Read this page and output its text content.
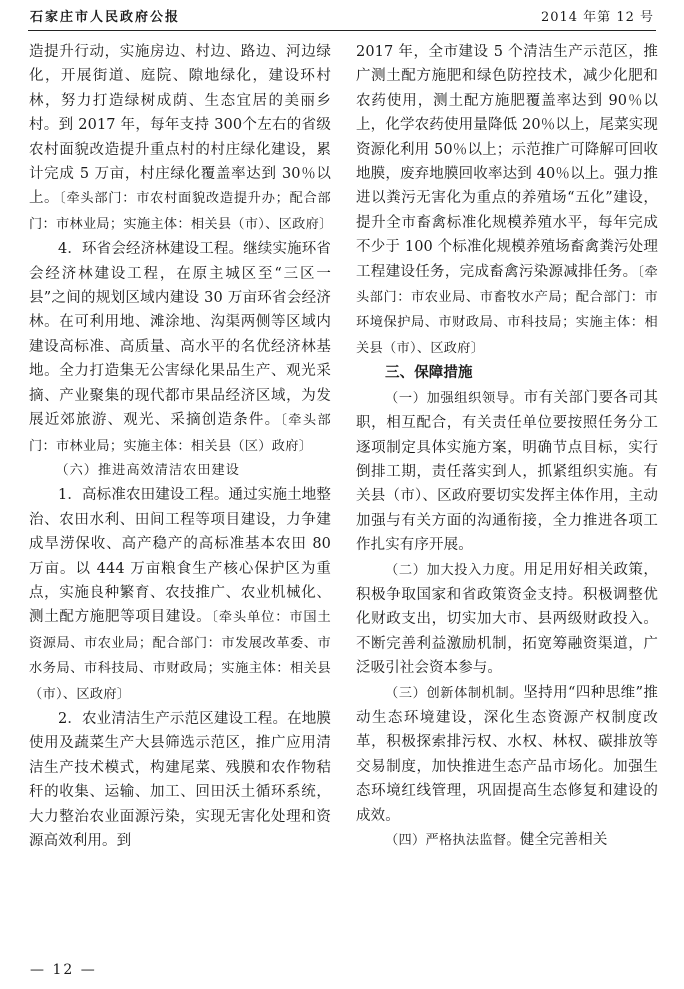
石家庄市人民政府公报	2014 年第 12 号

造提升行动，实施房边、村边、路边、河边绿化，开展街道、庭院、隙地绿化，建设环村林，努力打造绿树成荫、生态宜居的美丽乡村。到 2017 年，每年支持 300个左右的省级农村面貌改造提升重点村的村庄绿化建设，累计完成 5 万亩，村庄绿化覆盖率达到 30％以上。〔牵头部门：市农村面貌改造提升办；配合部门：市林业局；实施主体：相关县（市）、区政府〕

4．环省会经济林建设工程。继续实施环省会经济林建设工程，在原主城区至“三区一县”之间的规划区域内建设 30 万亩环省会经济林。在可利用地、滩涂地、沟渠两侧等区域内建设高标准、高质量、高水平的名优经济林基地。全力打造集无公害绿化果品生产、观光采摘、产业聚集的现代都市果品经济区域，为发展近郊旅游、观光、采摘创造条件。〔牵头部门：市林业局；实施主体：相关县（区）政府〕

（六）推进高效清洁农田建设

1．高标准农田建设工程。通过实施土地整治、农田水利、田间工程等项目建设，力争建成旱涝保收、高产稳产的高标准基本农田 80 万亩。以 444 万亩粮食生产核心保护区为重点，实施良种繁育、农技推广、农业机械化、测土配方施肥等项目建设。〔牵头单位：市国土资源局、市农业局；配合部门：市发展改革委、市水务局、市科技局、市财政局；实施主体：相关县（市）、区政府〕

2．农业清洁生产示范区建设工程。在地膜使用及蔬菜生产大县筛选示范区，推广应用清洁生产技术模式，构建尾菜、残膜和农作物秸秆的收集、运输、加工、回田沃土循环系统，大力整治农业面源污染，实现无害化处理和资源高效利用。到

2017 年，全市建设 5 个清洁生产示范区，推广测土配方施肥和绿色防控技术，减少化肥和农药使用，测土配方施肥覆盖率达到 90％以上，化学农药使用量降低 20％以上，尾菜实现资源化利用 50％以上；示范推广可降解可回收地膜，废弃地膜回收率达到 40％以上。强力推进以粪污无害化为重点的养殖场“五化”建设，提升全市畜禽标准化规模养殖水平，每年完成不少于 100 个标准化规模养殖场畜禽粪污处理工程建设任务，完成畜禽污染源减排任务。〔牵头部门：市农业局、市畜牧水产局；配合部门：市环境保护局、市财政局、市科技局；实施主体：相关县（市）、区政府〕

三、保障措施

（一）加强组织领导。市有关部门要各司其职，相互配合，有关责任单位要按照任务分工逐项制定具体实施方案，明确节点目标，实行倒排工期，责任落实到人，抓紧组织实施。有关县（市）、区政府要切实发挥主体作用，主动加强与有关方面的沟通衔接，全力推进各项工作扎实有序开展。

（二）加大投入力度。用足用好相关政策，积极争取国家和省政策资金支持。积极调整优化财政支出，切实加大市、县两级财政投入。不断完善利益激励机制，拓宽筹融资渠道，广泛吸引社会资本参与。

（三）创新体制机制。坚持用“四种思维”推动生态环境建设，深化生态资源产权制度改革，积极探索排污权、水权、林权、碳排放等交易制度，加快推进生态产品市场化。加强生态环境红线管理，巩固提高生态修复和建设的成效。

（四）严格执法监督。健全完善相关

— 12 —
